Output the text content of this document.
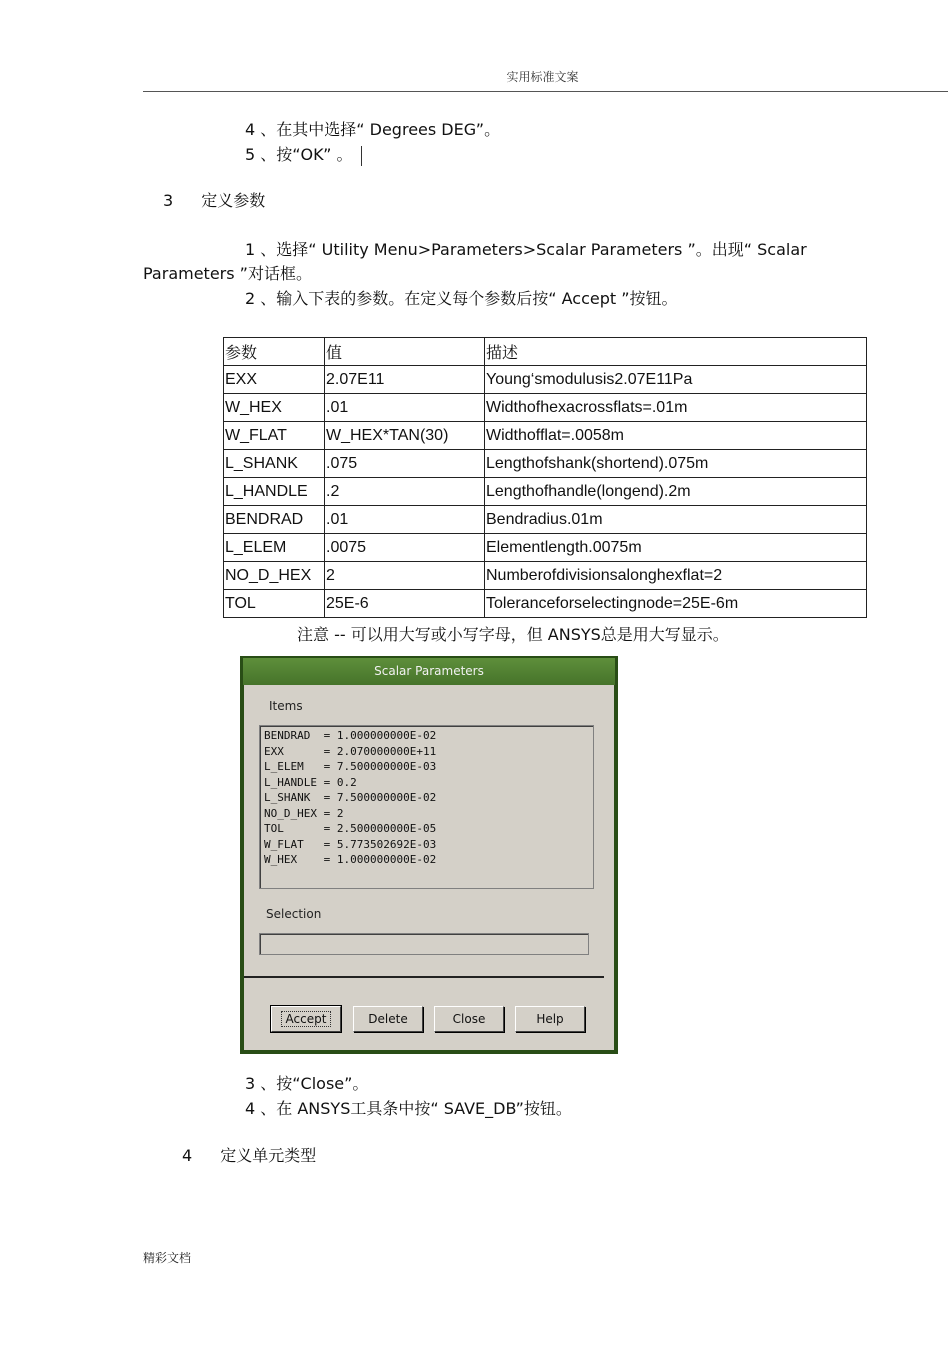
实用标准文案
4 、在其中选择“ Degrees DEG”。
5 、按“OK” 。
3 定义参数
1 、选择“ Utility Menu>Parameters>Scalar Parameters ”。出现“ Scalar
Parameters ”对话框。
2 、输入下表的参数。在定义每个参数后按“ Accept ”按钮。
参数	值	描述
EXX	2.07E11	Young‘smodulusis2.07E11Pa
W_HEX	.01	Widthofhexacrossflats=.01m
W_FLAT	W_HEX*TAN(30)	Widthofflat=.0058m
L_SHANK	.075	Lengthofshank(shortend).075m
L_HANDLE	.2	Lengthofhandle(longend).2m
BENDRAD	.01	Bendradius.01m
L_ELEM	.0075	Elementlength.0075m
NO_D_HEX	2	Numberofdivisionsalonghexflat=2
TOL	25E-6	Toleranceforselectingnode=25E-6m
注意 -- 可以用大写或小写字母，但 ANSYS总是用大写显示。
Scalar Parameters
Items
BENDRAD  = 1.000000000E-02
EXX      = 2.070000000E+11
L_ELEM   = 7.500000000E-03
L_HANDLE = 0.2
L_SHANK  = 7.500000000E-02
NO_D_HEX = 2
TOL      = 2.500000000E-05
W_FLAT   = 5.773502692E-03
W_HEX    = 1.000000000E-02
Selection
Accept	Delete	Close	Help
3 、按“Close”。
4 、在 ANSYS工具条中按“ SAVE_DB”按钮。
4 定义单元类型
精彩文档
